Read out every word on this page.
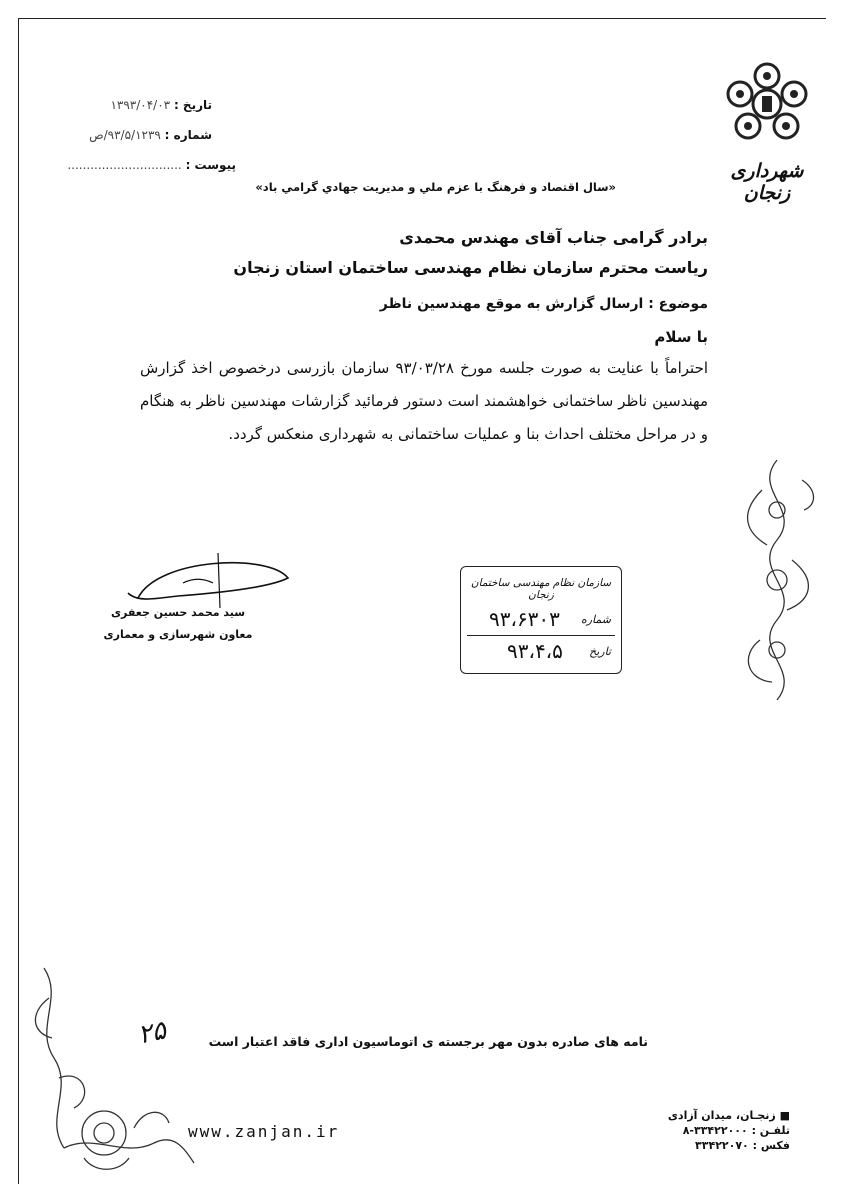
شهرداری زنجان
تاريخ : ۱۳۹۳/۰۴/۰۳
شماره : ۹۳/۵/۱۲۳۹/ص
پيوست : ..............................
«سال اقتصاد و فرهنگ با عزم ملي و مديريت جهادي گرامي باد»
برادر گرامی جناب آقای مهندس محمدی
ریاست محترم سازمان نظام مهندسی ساختمان استان زنجان
موضوع : ارسال گزارش به موقع مهندسین ناظر
با سلام
احتراماً با عنایت به صورت جلسه مورخ ۹۳/۰۳/۲۸ سازمان بازرسی درخصوص اخذ گزارش مهندسین ناظر ساختمانی خواهشمند است دستور فرمائید گزارشات مهندسین ناظر به هنگام و در مراحل مختلف احداث بنا و عملیات ساختمانی به شهرداری منعکس گردد.
سید محمد حسین جعفری
معاون شهرسازی و معماری
سازمان نظام مهندسی ساختمان زنجان
شماره
۹۳،۶۳۰۳
تاریخ
۹۳،۴،۵
۲۵	نامه های صادره بدون مهر برجسته ی اتوماسیون اداری فاقد اعتبار است
www.zanjan.ir
■ زنجـان، میدان آزادی
تلفـن : ۳۳۴۲۲۰۰۰-۸
فکس : ۳۳۴۲۲۰۷۰
